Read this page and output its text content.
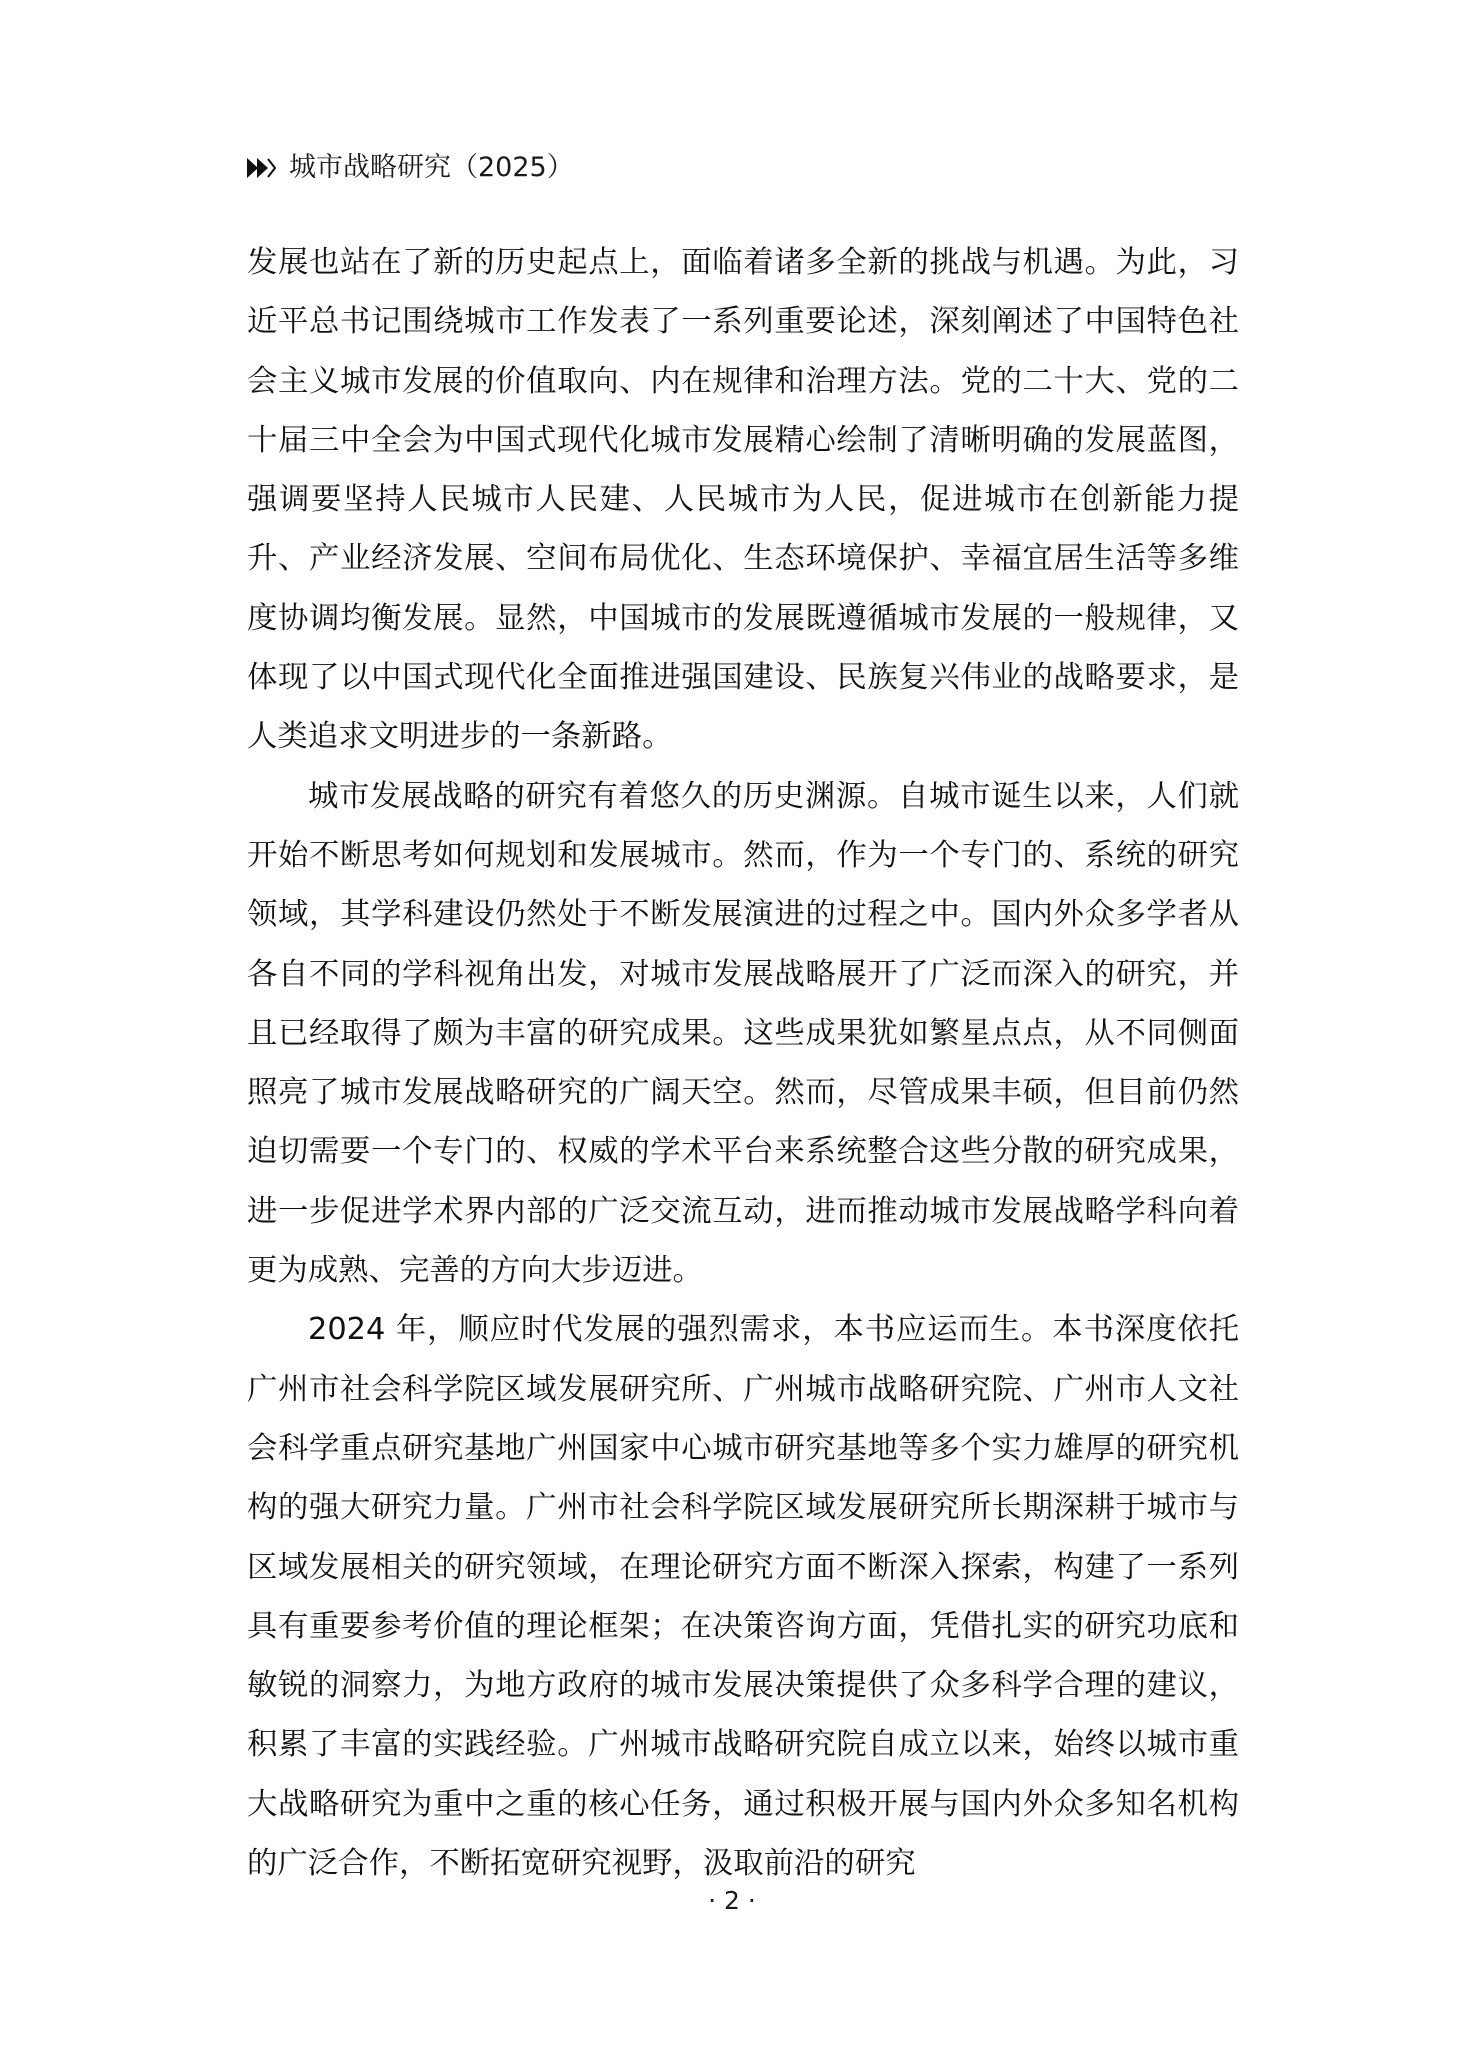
城市战略研究（2025）

发展也站在了新的历史起点上，面临着诸多全新的挑战与机遇。为此，习近平总书记围绕城市工作发表了一系列重要论述，深刻阐述了中国特色社会主义城市发展的价值取向、内在规律和治理方法。党的二十大、党的二十届三中全会为中国式现代化城市发展精心绘制了清晰明确的发展蓝图，强调要坚持人民城市人民建、人民城市为人民，促进城市在创新能力提升、产业经济发展、空间布局优化、生态环境保护、幸福宜居生活等多维度协调均衡发展。显然，中国城市的发展既遵循城市发展的一般规律，又体现了以中国式现代化全面推进强国建设、民族复兴伟业的战略要求，是人类追求文明进步的一条新路。

城市发展战略的研究有着悠久的历史渊源。自城市诞生以来，人们就开始不断思考如何规划和发展城市。然而，作为一个专门的、系统的研究领域，其学科建设仍然处于不断发展演进的过程之中。国内外众多学者从各自不同的学科视角出发，对城市发展战略展开了广泛而深入的研究，并且已经取得了颇为丰富的研究成果。这些成果犹如繁星点点，从不同侧面照亮了城市发展战略研究的广阔天空。然而，尽管成果丰硕，但目前仍然迫切需要一个专门的、权威的学术平台来系统整合这些分散的研究成果，进一步促进学术界内部的广泛交流互动，进而推动城市发展战略学科向着更为成熟、完善的方向大步迈进。

2024 年，顺应时代发展的强烈需求，本书应运而生。本书深度依托广州市社会科学院区域发展研究所、广州城市战略研究院、广州市人文社会科学重点研究基地广州国家中心城市研究基地等多个实力雄厚的研究机构的强大研究力量。广州市社会科学院区域发展研究所长期深耕于城市与区域发展相关的研究领域，在理论研究方面不断深入探索，构建了一系列具有重要参考价值的理论框架；在决策咨询方面，凭借扎实的研究功底和敏锐的洞察力，为地方政府的城市发展决策提供了众多科学合理的建议，积累了丰富的实践经验。广州城市战略研究院自成立以来，始终以城市重大战略研究为重中之重的核心任务，通过积极开展与国内外众多知名机构的广泛合作，不断拓宽研究视野，汲取前沿的研究

· 2 ·
